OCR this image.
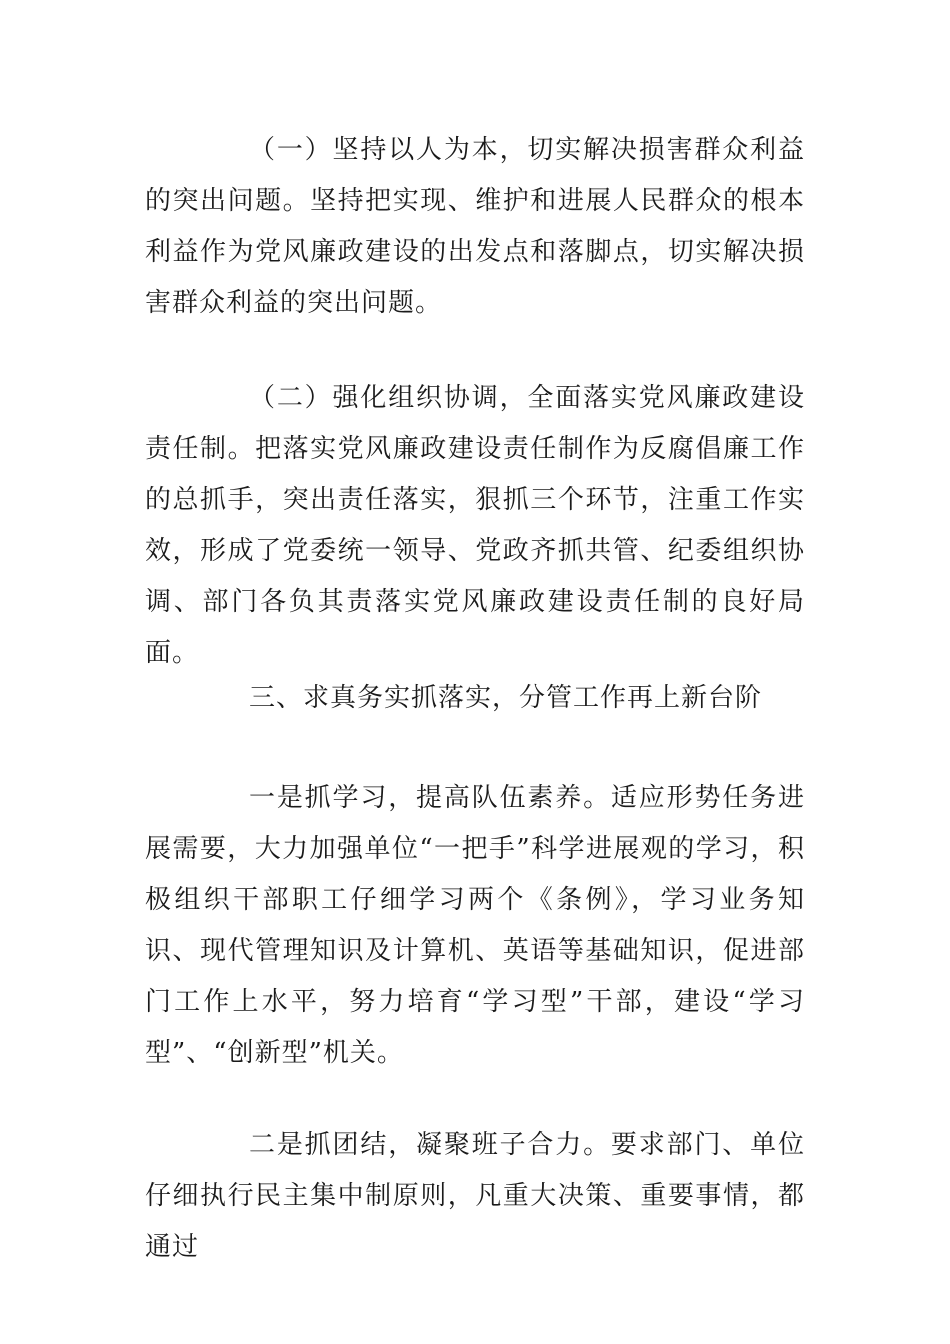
（一）坚持以人为本，切实解决损害群众利益的突出问题。坚持把实现、维护和进展人民群众的根本利益作为党风廉政建设的出发点和落脚点，切实解决损害群众利益的突出问题。

（二）强化组织协调，全面落实党风廉政建设责任制。把落实党风廉政建设责任制作为反腐倡廉工作的总抓手，突出责任落实，狠抓三个环节，注重工作实效，形成了党委统一领导、党政齐抓共管、纪委组织协调、部门各负其责落实党风廉政建设责任制的良好局面。

三、求真务实抓落实，分管工作再上新台阶

一是抓学习，提高队伍素养。适应形势任务进展需要，大力加强单位“一把手”科学进展观的学习，积极组织干部职工仔细学习两个《条例》，学习业务知识、现代管理知识及计算机、英语等基础知识，促进部门工作上水平，努力培育“学习型”干部，建设“学习型”、“创新型”机关。

二是抓团结，凝聚班子合力。要求部门、单位仔细执行民主集中制原则，凡重大决策、重要事情，都通过
